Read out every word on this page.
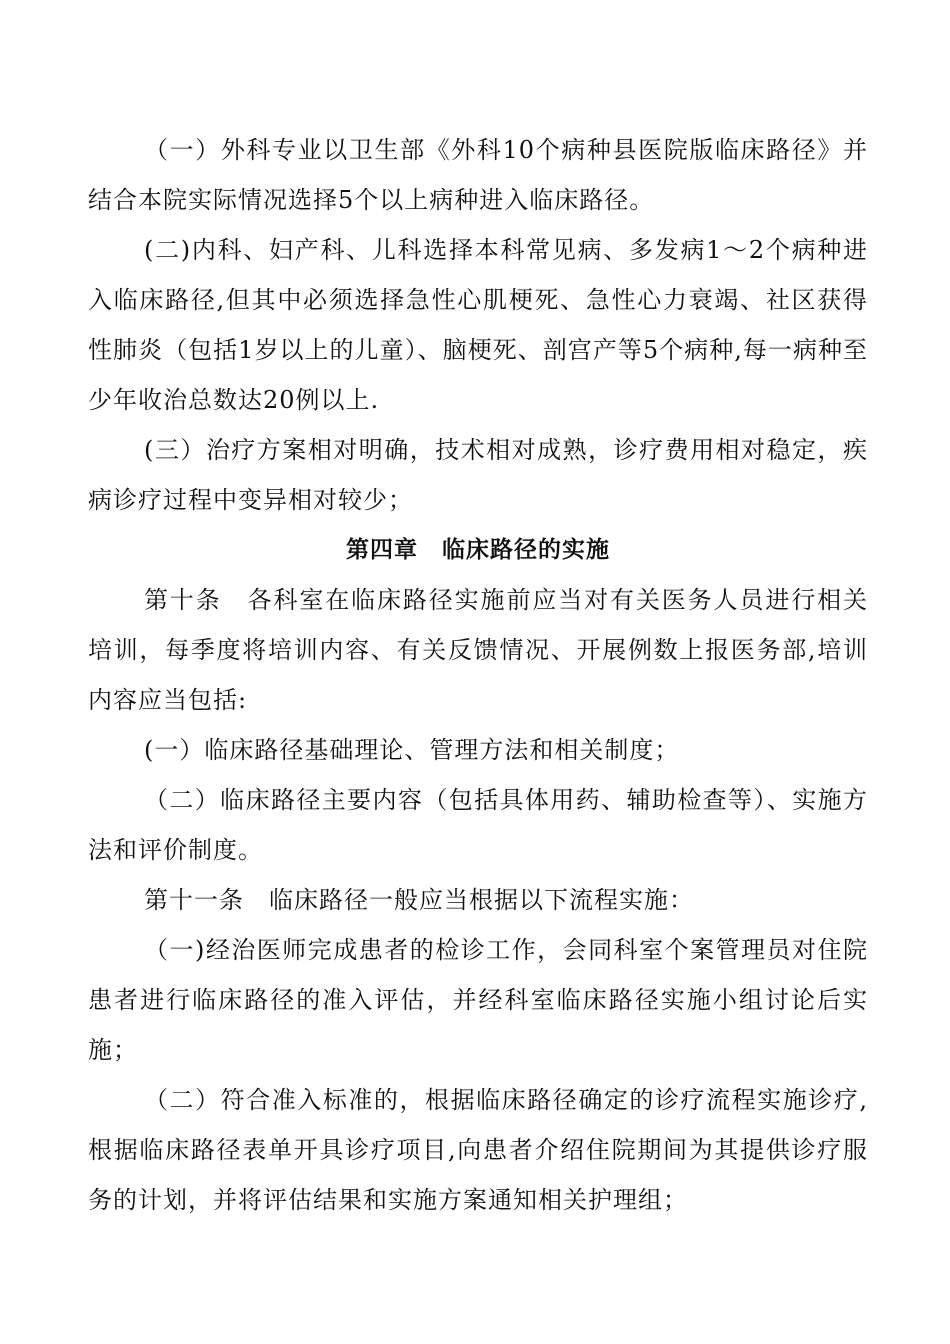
（一）外科专业以卫生部《外科10个病种县医院版临床路径》并结合本院实际情况选择5个以上病种进入临床路径。

(二)内科、妇产科、儿科选择本科常见病、多发病1～2个病种进入临床路径,但其中必须选择急性心肌梗死、急性心力衰竭、社区获得性肺炎（包括1岁以上的儿童）、脑梗死、剖宫产等5个病种,每一病种至少年收治总数达20例以上.

(三）治疗方案相对明确，技术相对成熟，诊疗费用相对稳定，疾病诊疗过程中变异相对较少；

第四章　临床路径的实施

第十条　各科室在临床路径实施前应当对有关医务人员进行相关培训，每季度将培训内容、有关反馈情况、开展例数上报医务部,培训内容应当包括:

(一）临床路径基础理论、管理方法和相关制度；

（二）临床路径主要内容（包括具体用药、辅助检查等）、实施方法和评价制度。

第十一条　临床路径一般应当根据以下流程实施：

（一)经治医师完成患者的检诊工作，会同科室个案管理员对住院患者进行临床路径的准入评估，并经科室临床路径实施小组讨论后实施；

（二）符合准入标准的，根据临床路径确定的诊疗流程实施诊疗,根据临床路径表单开具诊疗项目,向患者介绍住院期间为其提供诊疗服务的计划，并将评估结果和实施方案通知相关护理组；
